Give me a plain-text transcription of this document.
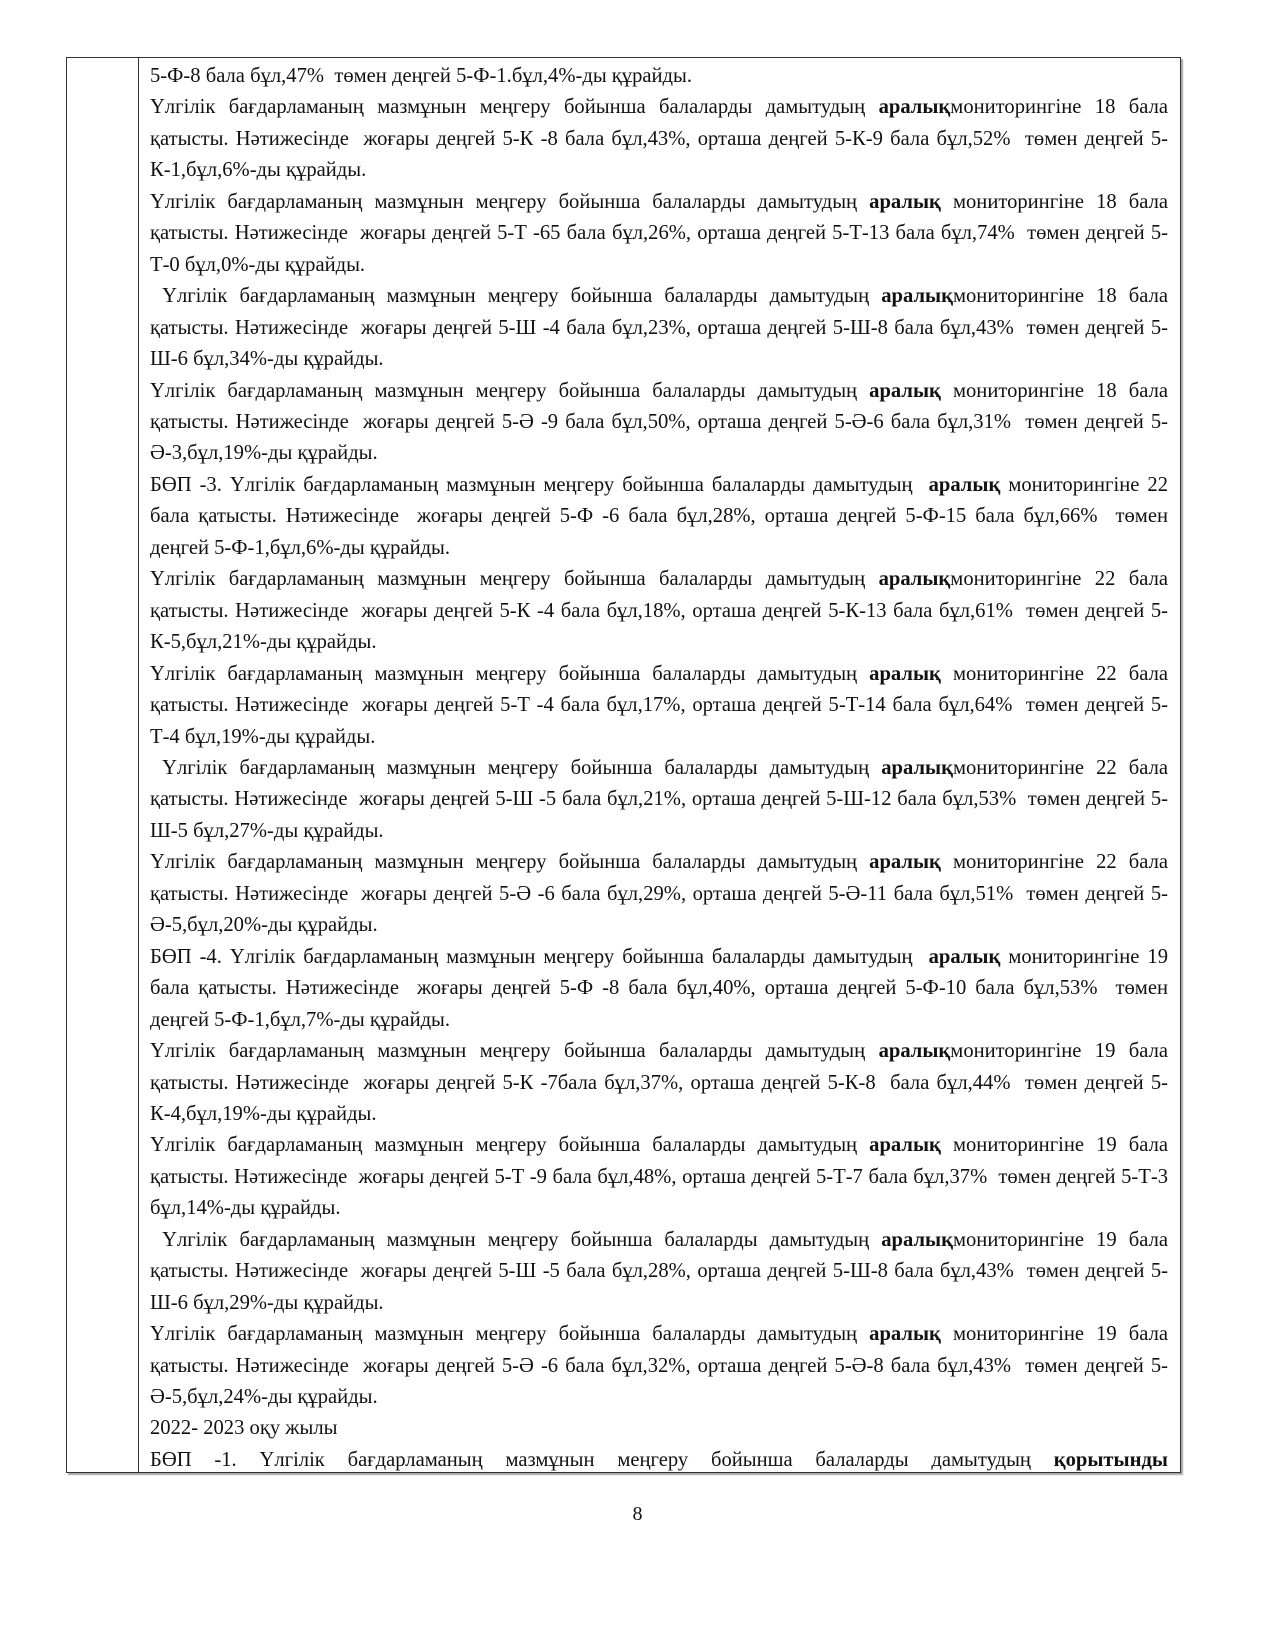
5-Ф-8 бала бұл,47%  төмен деңгей 5-Ф-1.бұл,4%-ды құрайды.

Үлгілік бағдарламаның мазмұнын меңгеру бойынша балаларды дамытудың аралықмониторингіне 18 бала қатысты. Нәтижесінде  жоғары деңгей 5-К -8 бала бұл,43%, орташа деңгей 5-К-9 бала бұл,52%  төмен деңгей 5-К-1,бұл,6%-ды құрайды.

Үлгілік бағдарламаның мазмұнын меңгеру бойынша балаларды дамытудың аралық мониторингіне 18 бала қатысты. Нәтижесінде  жоғары деңгей 5-Т -65 бала бұл,26%, орташа деңгей 5-Т-13 бала бұл,74%  төмен деңгей 5-Т-0 бұл,0%-ды құрайды.

Үлгілік бағдарламаның мазмұнын меңгеру бойынша балаларды дамытудың аралықмониторингіне 18 бала қатысты. Нәтижесінде  жоғары деңгей 5-Ш -4 бала бұл,23%, орташа деңгей 5-Ш-8 бала бұл,43%  төмен деңгей 5-Ш-6 бұл,34%-ды құрайды.

Үлгілік бағдарламаның мазмұнын меңгеру бойынша балаларды дамытудың аралық мониторингіне 18 бала қатысты. Нәтижесінде  жоғары деңгей 5-Ә -9 бала бұл,50%, орташа деңгей 5-Ә-6 бала бұл,31%  төмен деңгей 5-Ә-3,бұл,19%-ды құрайды.

БӨП -3. Үлгілік бағдарламаның мазмұнын меңгеру бойынша балаларды дамытудың  аралық мониторингіне 22 бала қатысты. Нәтижесінде  жоғары деңгей 5-Ф -6 бала бұл,28%, орташа деңгей 5-Ф-15 бала бұл,66%  төмен деңгей 5-Ф-1,бұл,6%-ды құрайды.

Үлгілік бағдарламаның мазмұнын меңгеру бойынша балаларды дамытудың аралықмониторингіне 22 бала қатысты. Нәтижесінде  жоғары деңгей 5-К -4 бала бұл,18%, орташа деңгей 5-К-13 бала бұл,61%  төмен деңгей 5-К-5,бұл,21%-ды құрайды.

Үлгілік бағдарламаның мазмұнын меңгеру бойынша балаларды дамытудың аралық мониторингіне 22 бала қатысты. Нәтижесінде  жоғары деңгей 5-Т -4 бала бұл,17%, орташа деңгей 5-Т-14 бала бұл,64%  төмен деңгей 5-Т-4 бұл,19%-ды құрайды.

Үлгілік бағдарламаның мазмұнын меңгеру бойынша балаларды дамытудың аралықмониторингіне 22 бала қатысты. Нәтижесінде  жоғары деңгей 5-Ш -5 бала бұл,21%, орташа деңгей 5-Ш-12 бала бұл,53%  төмен деңгей 5-Ш-5 бұл,27%-ды құрайды.

Үлгілік бағдарламаның мазмұнын меңгеру бойынша балаларды дамытудың аралық мониторингіне 22 бала қатысты. Нәтижесінде  жоғары деңгей 5-Ә -6 бала бұл,29%, орташа деңгей 5-Ә-11 бала бұл,51%  төмен деңгей 5-Ә-5,бұл,20%-ды құрайды.

БӨП -4. Үлгілік бағдарламаның мазмұнын меңгеру бойынша балаларды дамытудың  аралық мониторингіне 19 бала қатысты. Нәтижесінде  жоғары деңгей 5-Ф -8 бала бұл,40%, орташа деңгей 5-Ф-10 бала бұл,53%  төмен деңгей 5-Ф-1,бұл,7%-ды құрайды.

Үлгілік бағдарламаның мазмұнын меңгеру бойынша балаларды дамытудың аралықмониторингіне 19 бала қатысты. Нәтижесінде  жоғары деңгей 5-К -7бала бұл,37%, орташа деңгей 5-К-8  бала бұл,44%  төмен деңгей 5-К-4,бұл,19%-ды құрайды.

Үлгілік бағдарламаның мазмұнын меңгеру бойынша балаларды дамытудың аралық мониторингіне 19 бала қатысты. Нәтижесінде  жоғары деңгей 5-Т -9 бала бұл,48%, орташа деңгей 5-Т-7 бала бұл,37%  төмен деңгей 5-Т-3 бұл,14%-ды құрайды.

Үлгілік бағдарламаның мазмұнын меңгеру бойынша балаларды дамытудың аралықмониторингіне 19 бала қатысты. Нәтижесінде  жоғары деңгей 5-Ш -5 бала бұл,28%, орташа деңгей 5-Ш-8 бала бұл,43%  төмен деңгей 5-Ш-6 бұл,29%-ды құрайды.

Үлгілік бағдарламаның мазмұнын меңгеру бойынша балаларды дамытудың аралық мониторингіне 19 бала қатысты. Нәтижесінде  жоғары деңгей 5-Ә -6 бала бұл,32%, орташа деңгей 5-Ә-8 бала бұл,43%  төмен деңгей 5-Ә-5,бұл,24%-ды құрайды.

2022- 2023 оқу жылы

БӨП -1. Үлгілік бағдарламаның мазмұнын меңгеру бойынша балаларды дамытудың қорытынды

8
